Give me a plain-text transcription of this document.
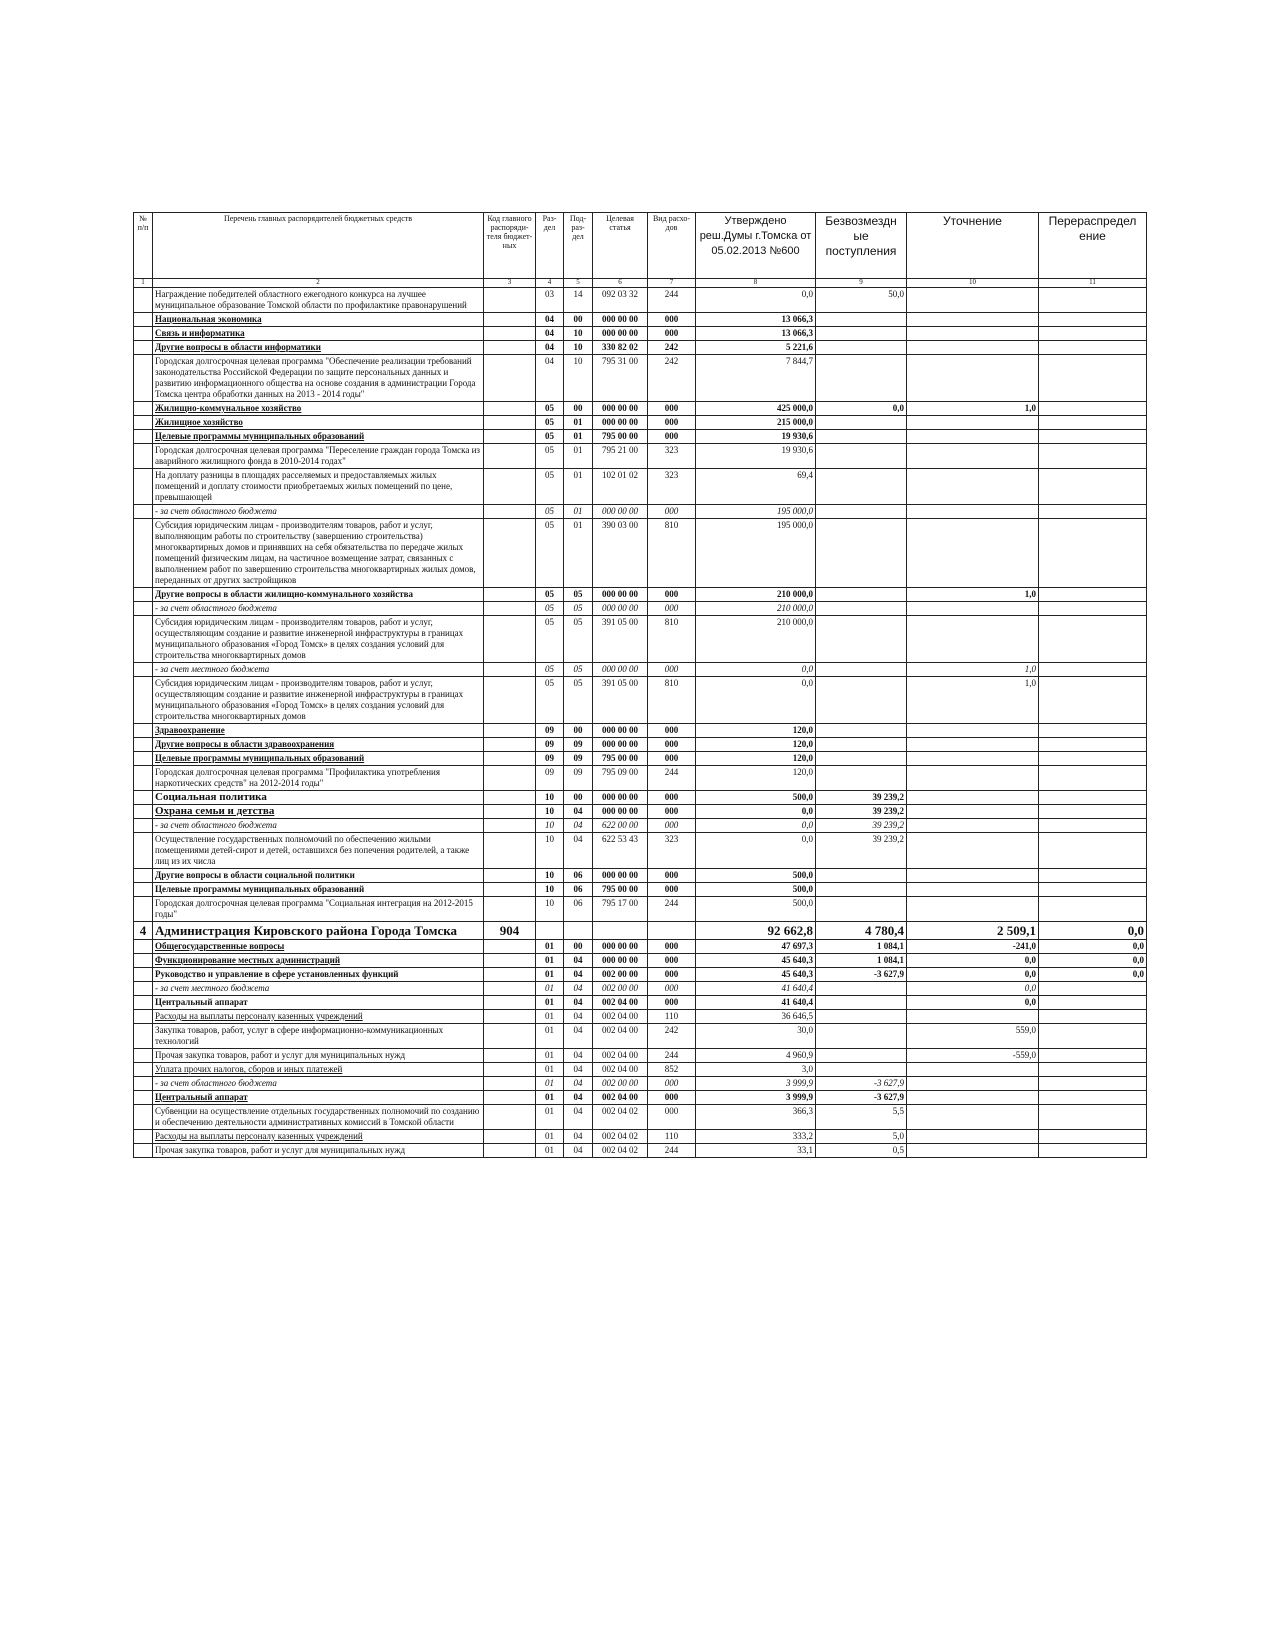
№ п/п	Перечень главных распорядителей бюджетных средств	Код главного распоряди-теля бюджет-ных	Раз-дел	Под-раз-дел	Целевая статья	Вид расхо-дов	Утверждено реш.Думы г.Томска от 05.02.2013 №600	Безвозмездн ые поступления	Уточнение	Перераспредел ение
1	2	3	4	5	6	7	8	9	10	11
	Награждение победителей областного ежегодного конкурса на лучшее муниципальное образование Томской области по профилактике правонарушений		03	14	092 03 32	244	0,0	50,0		
	Национальная экономика		04	00	000 00 00	000	13 066,3			
	Связь и информатика		04	10	000 00 00	000	13 066,3			
	Другие вопросы в области информатики		04	10	330 82 02	242	5 221,6			
	Городская долгосрочная целевая программа "Обеспечение реализации требований законодательства Российской Федерации по защите персональных данных и развитию информационного общества на основе создания в администрации Города Томска центра обработки данных на 2013 - 2014 годы"		04	10	795 31 00	242	7 844,7			
	Жилищно-коммунальное хозяйство		05	00	000 00 00	000	425 000,0	0,0	1,0	
	Жилищное хозяйство		05	01	000 00 00	000	215 000,0			
	Целевые программы муниципальных образований		05	01	795 00 00	000	19 930,6			
	Городская долгосрочная целевая программа "Переселение граждан города Томска из аварийного жилищного фонда в 2010-2014 годах"		05	01	795 21 00	323	19 930,6			
	На доплату разницы в площадях расселяемых и предоставляемых жилых помещений и доплату стоимости приобретаемых жилых помещений по цене, превышающей		05	01	102 01 02	323	69,4			
	- за счет областного бюджета		05	01	000 00 00	000	195 000,0			
	Субсидия юридическим лицам - производителям товаров, работ и услуг, выполняющим работы по строительству (завершению строительства) многоквартирных домов и принявших на себя обязательства по передаче жилых помещений физическим лицам, на частичное возмещение затрат, связанных с выполнением работ по завершению строительства многоквартирных жилых домов, переданных от других застройщиков		05	01	390 03 00	810	195 000,0			
	Другие вопросы в области жилищно-коммунального хозяйства		05	05	000 00 00	000	210 000,0		1,0	
	- за счет областного бюджета		05	05	000 00 00	000	210 000,0			
	Субсидия юридическим лицам - производителям товаров, работ и услуг, осуществляющим создание и развитие инженерной инфраструктуры в границах муниципального образования «Город Томск» в целях создания условий для строительства многоквартирных домов		05	05	391 05 00	810	210 000,0			
	- за счет местного бюджета		05	05	000 00 00	000	0,0		1,0	
	Субсидия юридическим лицам - производителям товаров, работ и услуг, осуществляющим создание и развитие инженерной инфраструктуры в границах муниципального образования «Город Томск» в целях создания условий для строительства многоквартирных домов		05	05	391 05 00	810	0,0		1,0	
	Здравоохранение		09	00	000 00 00	000	120,0			
	Другие вопросы в области здравоохранения		09	09	000 00 00	000	120,0			
	Целевые программы муниципальных образований		09	09	795 00 00	000	120,0			
	Городская долгосрочная целевая программа "Профилактика употребления наркотических средств" на 2012-2014 годы"		09	09	795 09 00	244	120,0			
	Социальная политика		10	00	000 00 00	000	500,0	39 239,2		
	Охрана семьи и детства		10	04	000 00 00	000	0,0	39 239,2		
	- за счет областного бюджета		10	04	622 00 00	000	0,0	39 239,2		
	Осуществление государственных полномочий по обеспечению жилыми помещениями детей-сирот и детей, оставшихся без попечения родителей, а также лиц из их числа		10	04	622 53 43	323	0,0	39 239,2		
	Другие вопросы в области социальной политики		10	06	000 00 00	000	500,0			
	Целевые программы муниципальных образований		10	06	795 00 00	000	500,0			
	Городская долгосрочная целевая программа "Социальная интеграция на 2012-2015 годы"		10	06	795 17 00	244	500,0			
4	Администрация Кировского района Города Томска	904					92 662,8	4 780,4	2 509,1	0,0
	Общегосударственные вопросы		01	00	000 00 00	000	47 697,3	1 084,1	-241,0	0,0
	Функционирование местных администраций		01	04	000 00 00	000	45 640,3	1 084,1	0,0	0,0
	Руководство и управление в сфере установленных функций		01	04	002 00 00	000	45 640,3	-3 627,9	0,0	0,0
	- за счет местного бюджета		01	04	002 00 00	000	41 640,4		0,0	
	Центральный аппарат		01	04	002 04 00	000	41 640,4		0,0	
	Расходы на выплаты персоналу казенных учреждений		01	04	002 04 00	110	36 646,5			
	Закупка товаров, работ, услуг в сфере информационно-коммуникационных технологий		01	04	002 04 00	242	30,0		559,0	
	Прочая закупка товаров, работ и услуг для муниципальных нужд		01	04	002 04 00	244	4 960,9		-559,0	
	Уплата прочих налогов, сборов и иных платежей		01	04	002 04 00	852	3,0			
	- за счет областного бюджета		01	04	002 00 00	000	3 999,9	-3 627,9		
	Центральный аппарат		01	04	002 04 00	000	3 999,9	-3 627,9		
	Субвенции на осуществление отдельных государственных полномочий по созданию и обеспечению деятельности административных комиссий в Томской области		01	04	002 04 02	000	366,3	5,5		
	Расходы на выплаты персоналу казенных учреждений		01	04	002 04 02	110	333,2	5,0		
	Прочая закупка товаров, работ и услуг для муниципальных нужд		01	04	002 04 02	244	33,1	0,5		
